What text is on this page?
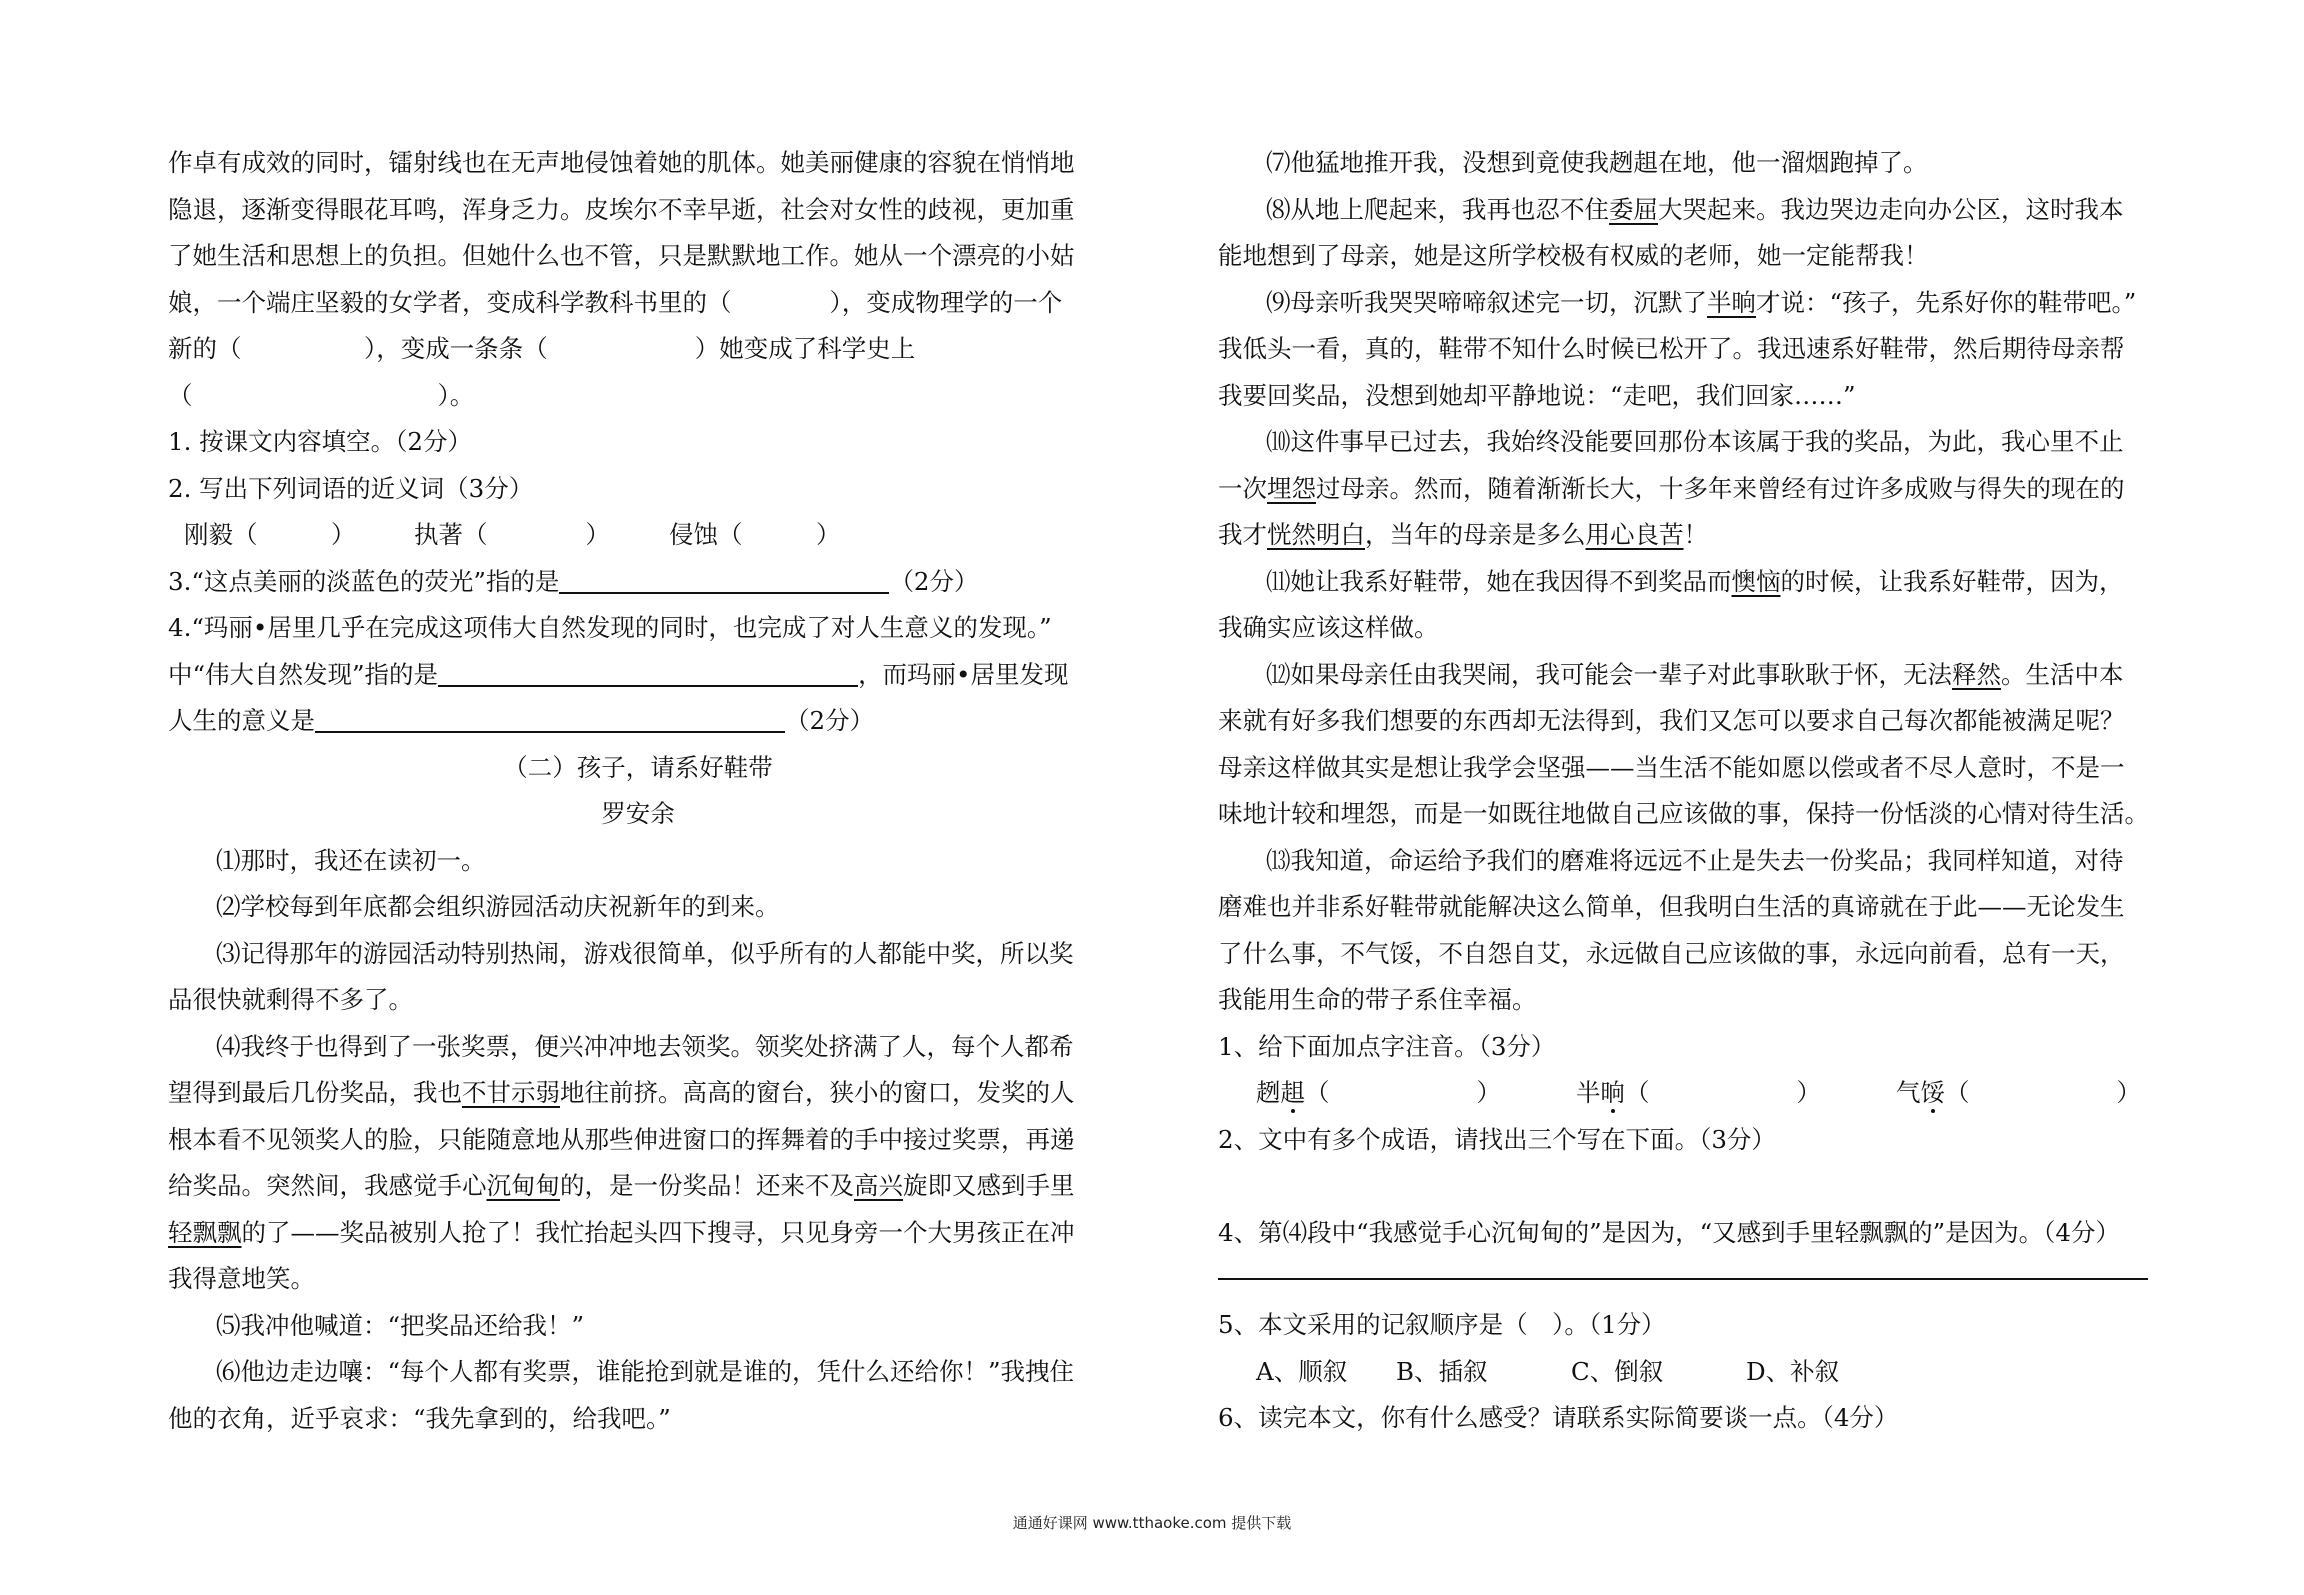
作卓有成效的同时，镭射线也在无声地侵蚀着她的肌体。她美丽健康的容貌在悄悄地
隐退，逐渐变得眼花耳鸣，浑身乏力。皮埃尔不幸早逝，社会对女性的歧视，更加重
了她生活和思想上的负担。但她什么也不管，只是默默地工作。她从一个漂亮的小姑
娘，一个端庄坚毅的女学者，变成科学教科书里的（　　　　），变成物理学的一个
新的（　　　　　），变成一条条（　　　　　　）她变成了科学史上
（　　　　　　　　　　）。
1. 按课文内容填空。（2分）
2. 写出下列词语的近义词（3分）
刚毅（　　　） 执著（　　　　） 侵蚀（　　　）
3.“这点美丽的淡蓝色的荧光”指的是	（2分）
4.“玛丽•居里几乎在完成这项伟大自然发现的同时，也完成了对人生意义的发现。”
中“伟大自然发现”指的是	，而玛丽•居里发现
人生的意义是	（2分）
（二）孩子，请系好鞋带
罗安余
⑴那时，我还在读初一。
⑵学校每到年底都会组织游园活动庆祝新年的到来。
⑶记得那年的游园活动特别热闹，游戏很简单，似乎所有的人都能中奖，所以奖
品很快就剩得不多了。
⑷我终于也得到了一张奖票，便兴冲冲地去领奖。领奖处挤满了人，每个人都希
望得到最后几份奖品，我也不甘示弱地往前挤。高高的窗台，狭小的窗口，发奖的人
根本看不见领奖人的脸，只能随意地从那些伸进窗口的挥舞着的手中接过奖票，再递
给奖品。突然间，我感觉手心沉甸甸的，是一份奖品！还来不及高兴旋即又感到手里
轻飘飘的了——奖品被别人抢了！我忙抬起头四下搜寻，只见身旁一个大男孩正在冲
我得意地笑。
⑸我冲他喊道：“把奖品还给我！”
⑹他边走边嚷：“每个人都有奖票，谁能抢到就是谁的，凭什么还给你！”我拽住
他的衣角，近乎哀求：“我先拿到的，给我吧。”
⑺他猛地推开我，没想到竟使我趔趄在地，他一溜烟跑掉了。
⑻从地上爬起来，我再也忍不住委屈大哭起来。我边哭边走向办公区，这时我本
能地想到了母亲，她是这所学校极有权威的老师，她一定能帮我！
⑼母亲听我哭哭啼啼叙述完一切，沉默了半晌才说：“孩子，先系好你的鞋带吧。”
我低头一看，真的，鞋带不知什么时候已松开了。我迅速系好鞋带，然后期待母亲帮
我要回奖品，没想到她却平静地说：“走吧，我们回家……”
⑽这件事早已过去，我始终没能要回那份本该属于我的奖品，为此，我心里不止
一次埋怨过母亲。然而，随着渐渐长大，十多年来曾经有过许多成败与得失的现在的
我才恍然明白，当年的母亲是多么用心良苦！
⑾她让我系好鞋带，她在我因得不到奖品而懊恼的时候，让我系好鞋带，因为，
我确实应该这样做。
⑿如果母亲任由我哭闹，我可能会一辈子对此事耿耿于怀，无法释然。生活中本
来就有好多我们想要的东西却无法得到，我们又怎可以要求自己每次都能被满足呢？
母亲这样做其实是想让我学会坚强——当生活不能如愿以偿或者不尽人意时，不是一
味地计较和埋怨，而是一如既往地做自己应该做的事，保持一份恬淡的心情对待生活。
⒀我知道，命运给予我们的磨难将远远不止是失去一份奖品；我同样知道，对待
磨难也并非系好鞋带就能解决这么简单，但我明白生活的真谛就在于此——无论发生
了什么事，不气馁，不自怨自艾，永远做自己应该做的事，永远向前看，总有一天，
我能用生命的带子系住幸福。
1、给下面加点字注音。（3分）
趔趄（　　　　　　）	半晌（　　　　　　）	气馁（　　　　　　）
2、文中有多个成语，请找出三个写在下面。（3分）
4、第⑷段中“我感觉手心沉甸甸的”是因为，“又感到手里轻飘飘的”是因为。（4分）
5、本文采用的记叙顺序是（　）。（1分）
A、顺叙 B、插叙	C、倒叙	D、补叙
6、读完本文，你有什么感受？请联系实际简要谈一点。（4分）
通通好课网 www.tthaoke.com 提供下载
